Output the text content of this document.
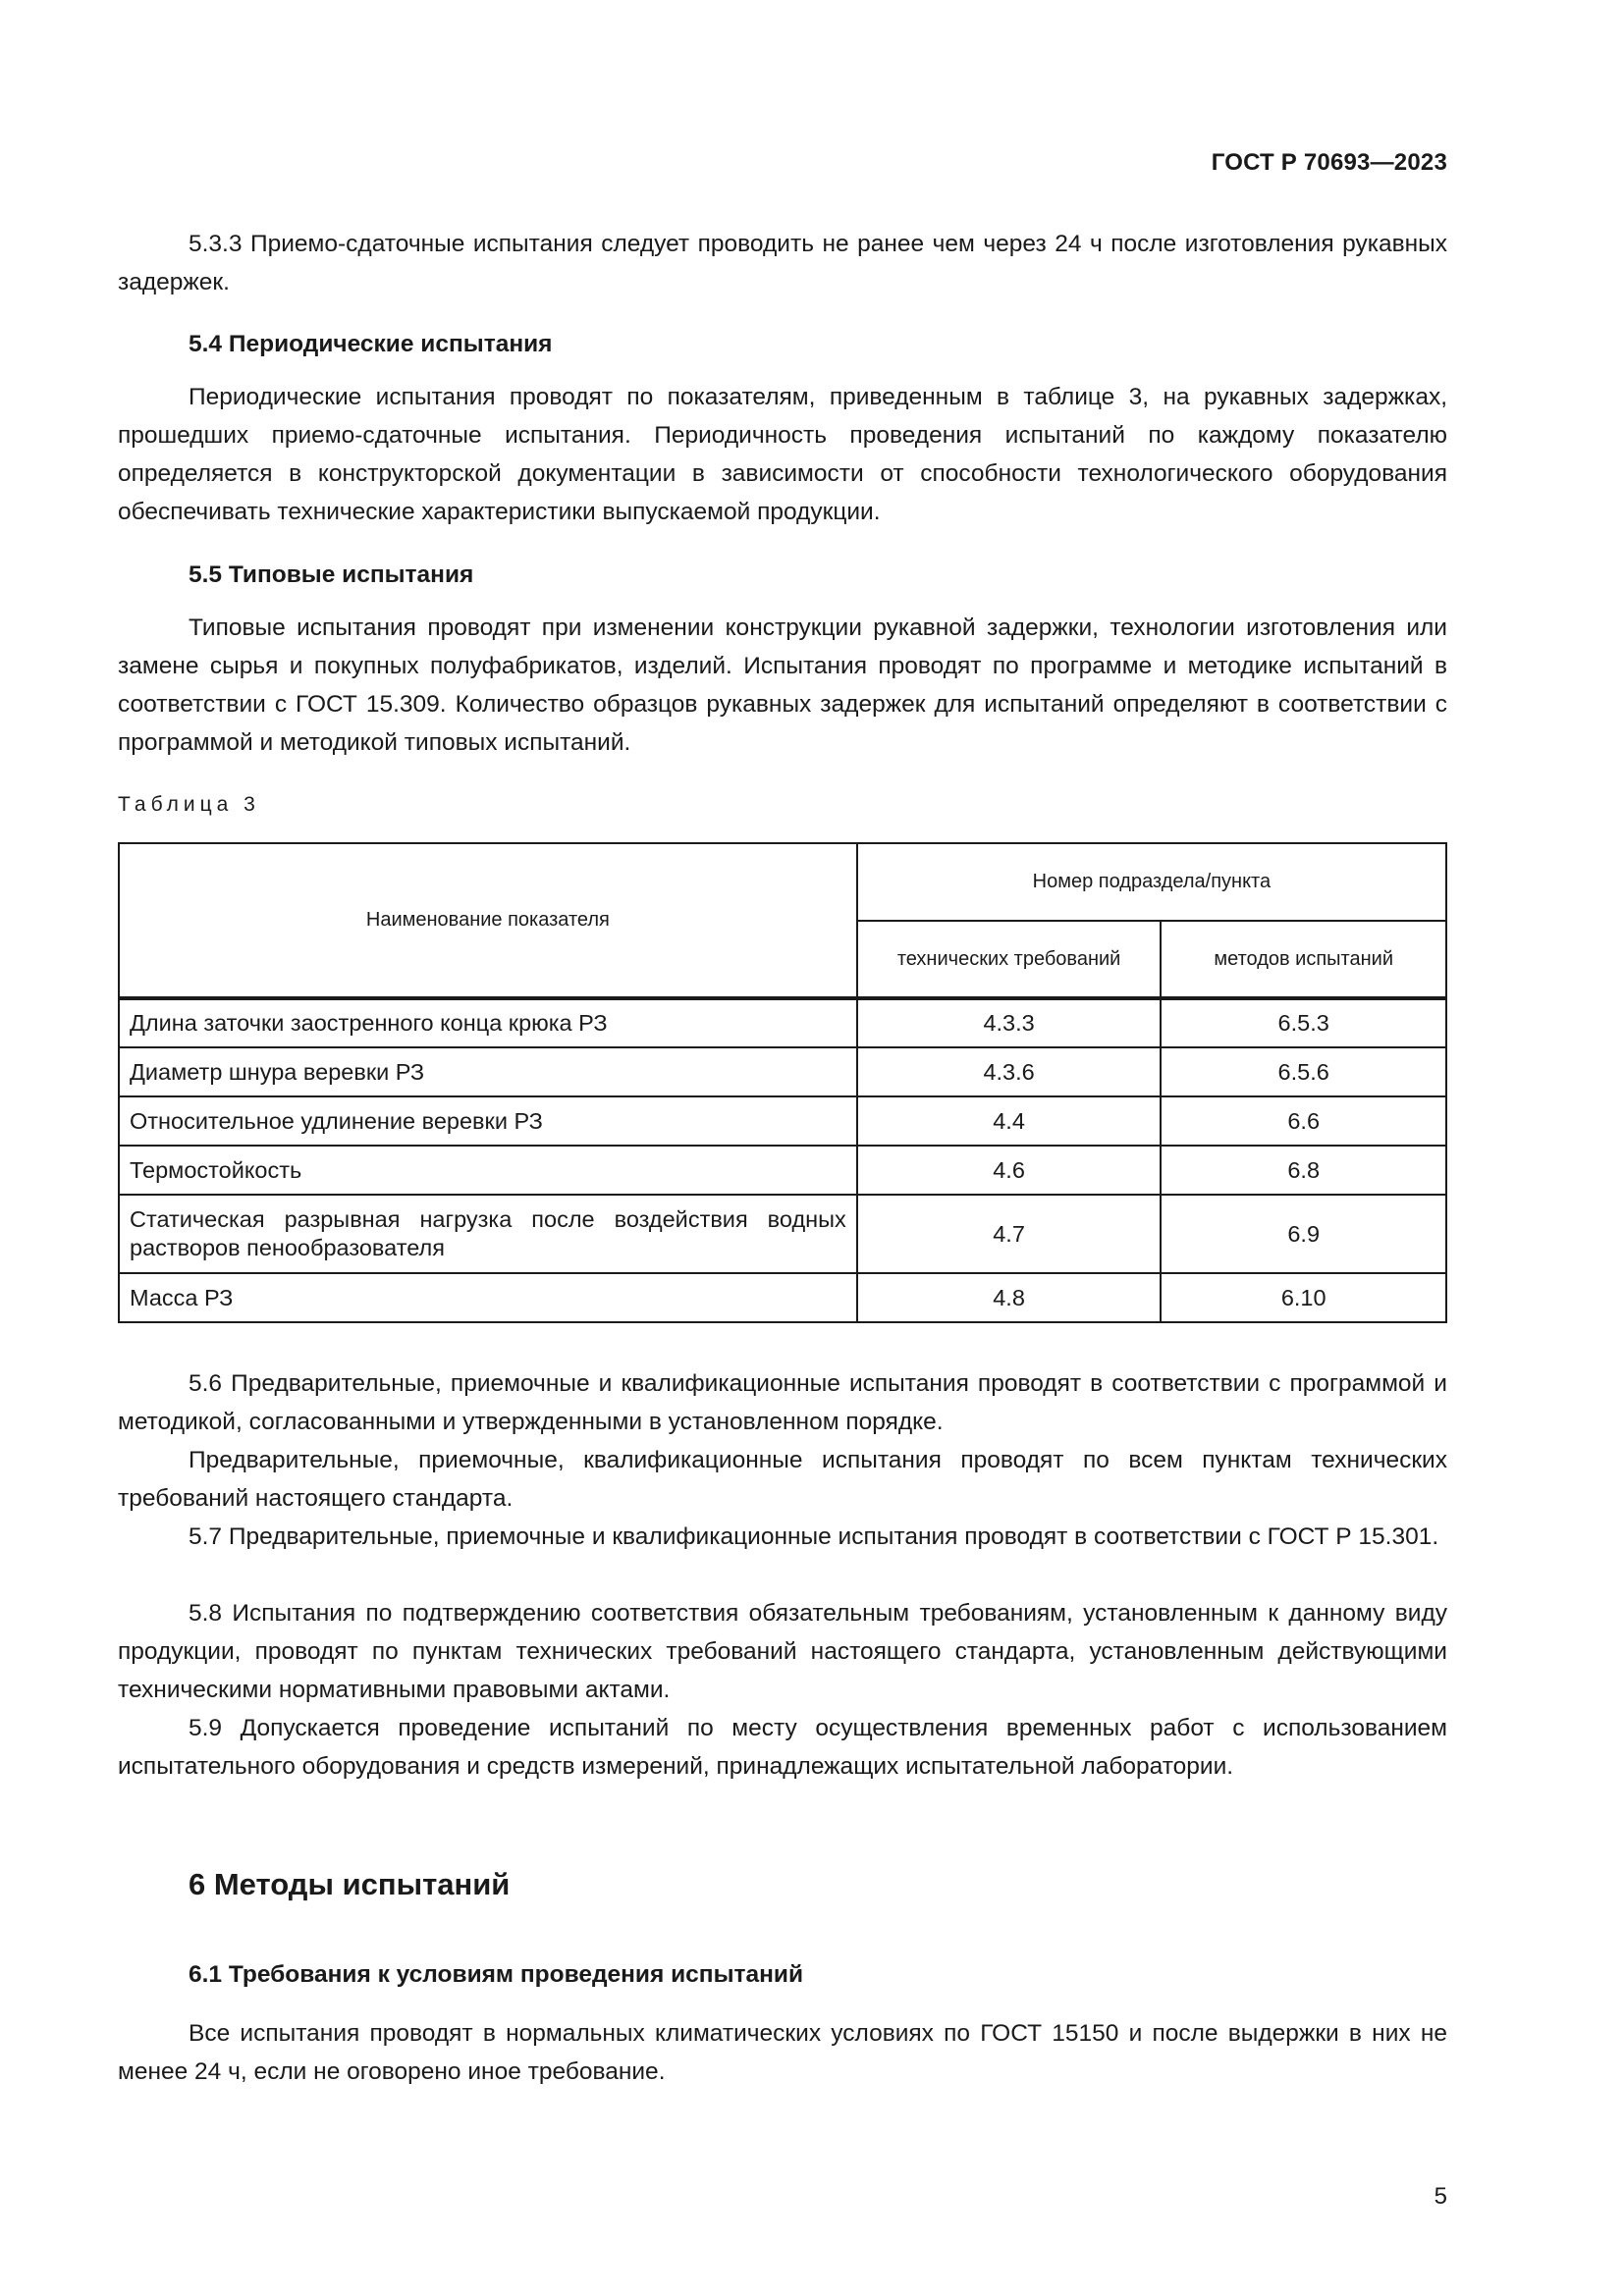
ГОСТ Р 70693—2023

5.3.3 Приемо-сдаточные испытания следует проводить не ранее чем через 24 ч после изготовления рукавных задержек.

5.4 Периодические испытания

Периодические испытания проводят по показателям, приведенным в таблице 3, на рукавных задержках, прошедших приемо-сдаточные испытания. Периодичность проведения испытаний по каждому показателю определяется в конструкторской документации в зависимости от способности технологического оборудования обеспечивать технические характеристики выпускаемой продукции.

5.5 Типовые испытания

Типовые испытания проводят при изменении конструкции рукавной задержки, технологии изготовления или замене сырья и покупных полуфабрикатов, изделий. Испытания проводят по программе и методике испытаний в соответствии с ГОСТ 15.309. Количество образцов рукавных задержек для испытаний определяют в соответствии с программой и методикой типовых испытаний.

Таблица 3
Наименование показателя	Номер подраздела/пункта	
	технических требований	методов испытаний
Длина заточки заостренного конца крюка РЗ	4.3.3	6.5.3
Диаметр шнура веревки РЗ	4.3.6	6.5.6
Относительное удлинение веревки РЗ	4.4	6.6
Термостойкость	4.6	6.8
Статическая разрывная нагрузка после воздействия водных растворов пенообразователя	4.7	6.9
Масса РЗ	4.8	6.10

5.6 Предварительные, приемочные и квалификационные испытания проводят в соответствии с программой и методикой, согласованными и утвержденными в установленном порядке.

Предварительные, приемочные, квалификационные испытания проводят по всем пунктам технических требований настоящего стандарта.

5.7 Предварительные, приемочные и квалификационные испытания проводят в соответствии с ГОСТ Р 15.301.

5.8 Испытания по подтверждению соответствия обязательным требованиям, установленным к данному виду продукции, проводят по пунктам технических требований настоящего стандарта, установленным действующими техническими нормативными правовыми актами.

5.9 Допускается проведение испытаний по месту осуществления временных работ с использованием испытательного оборудования и средств измерений, принадлежащих испытательной лаборатории.

6 Методы испытаний
6.1 Требования к условиям проведения испытаний

Все испытания проводят в нормальных климатических условиях по ГОСТ 15150 и после выдержки в них не менее 24 ч, если не оговорено иное требование.

5
